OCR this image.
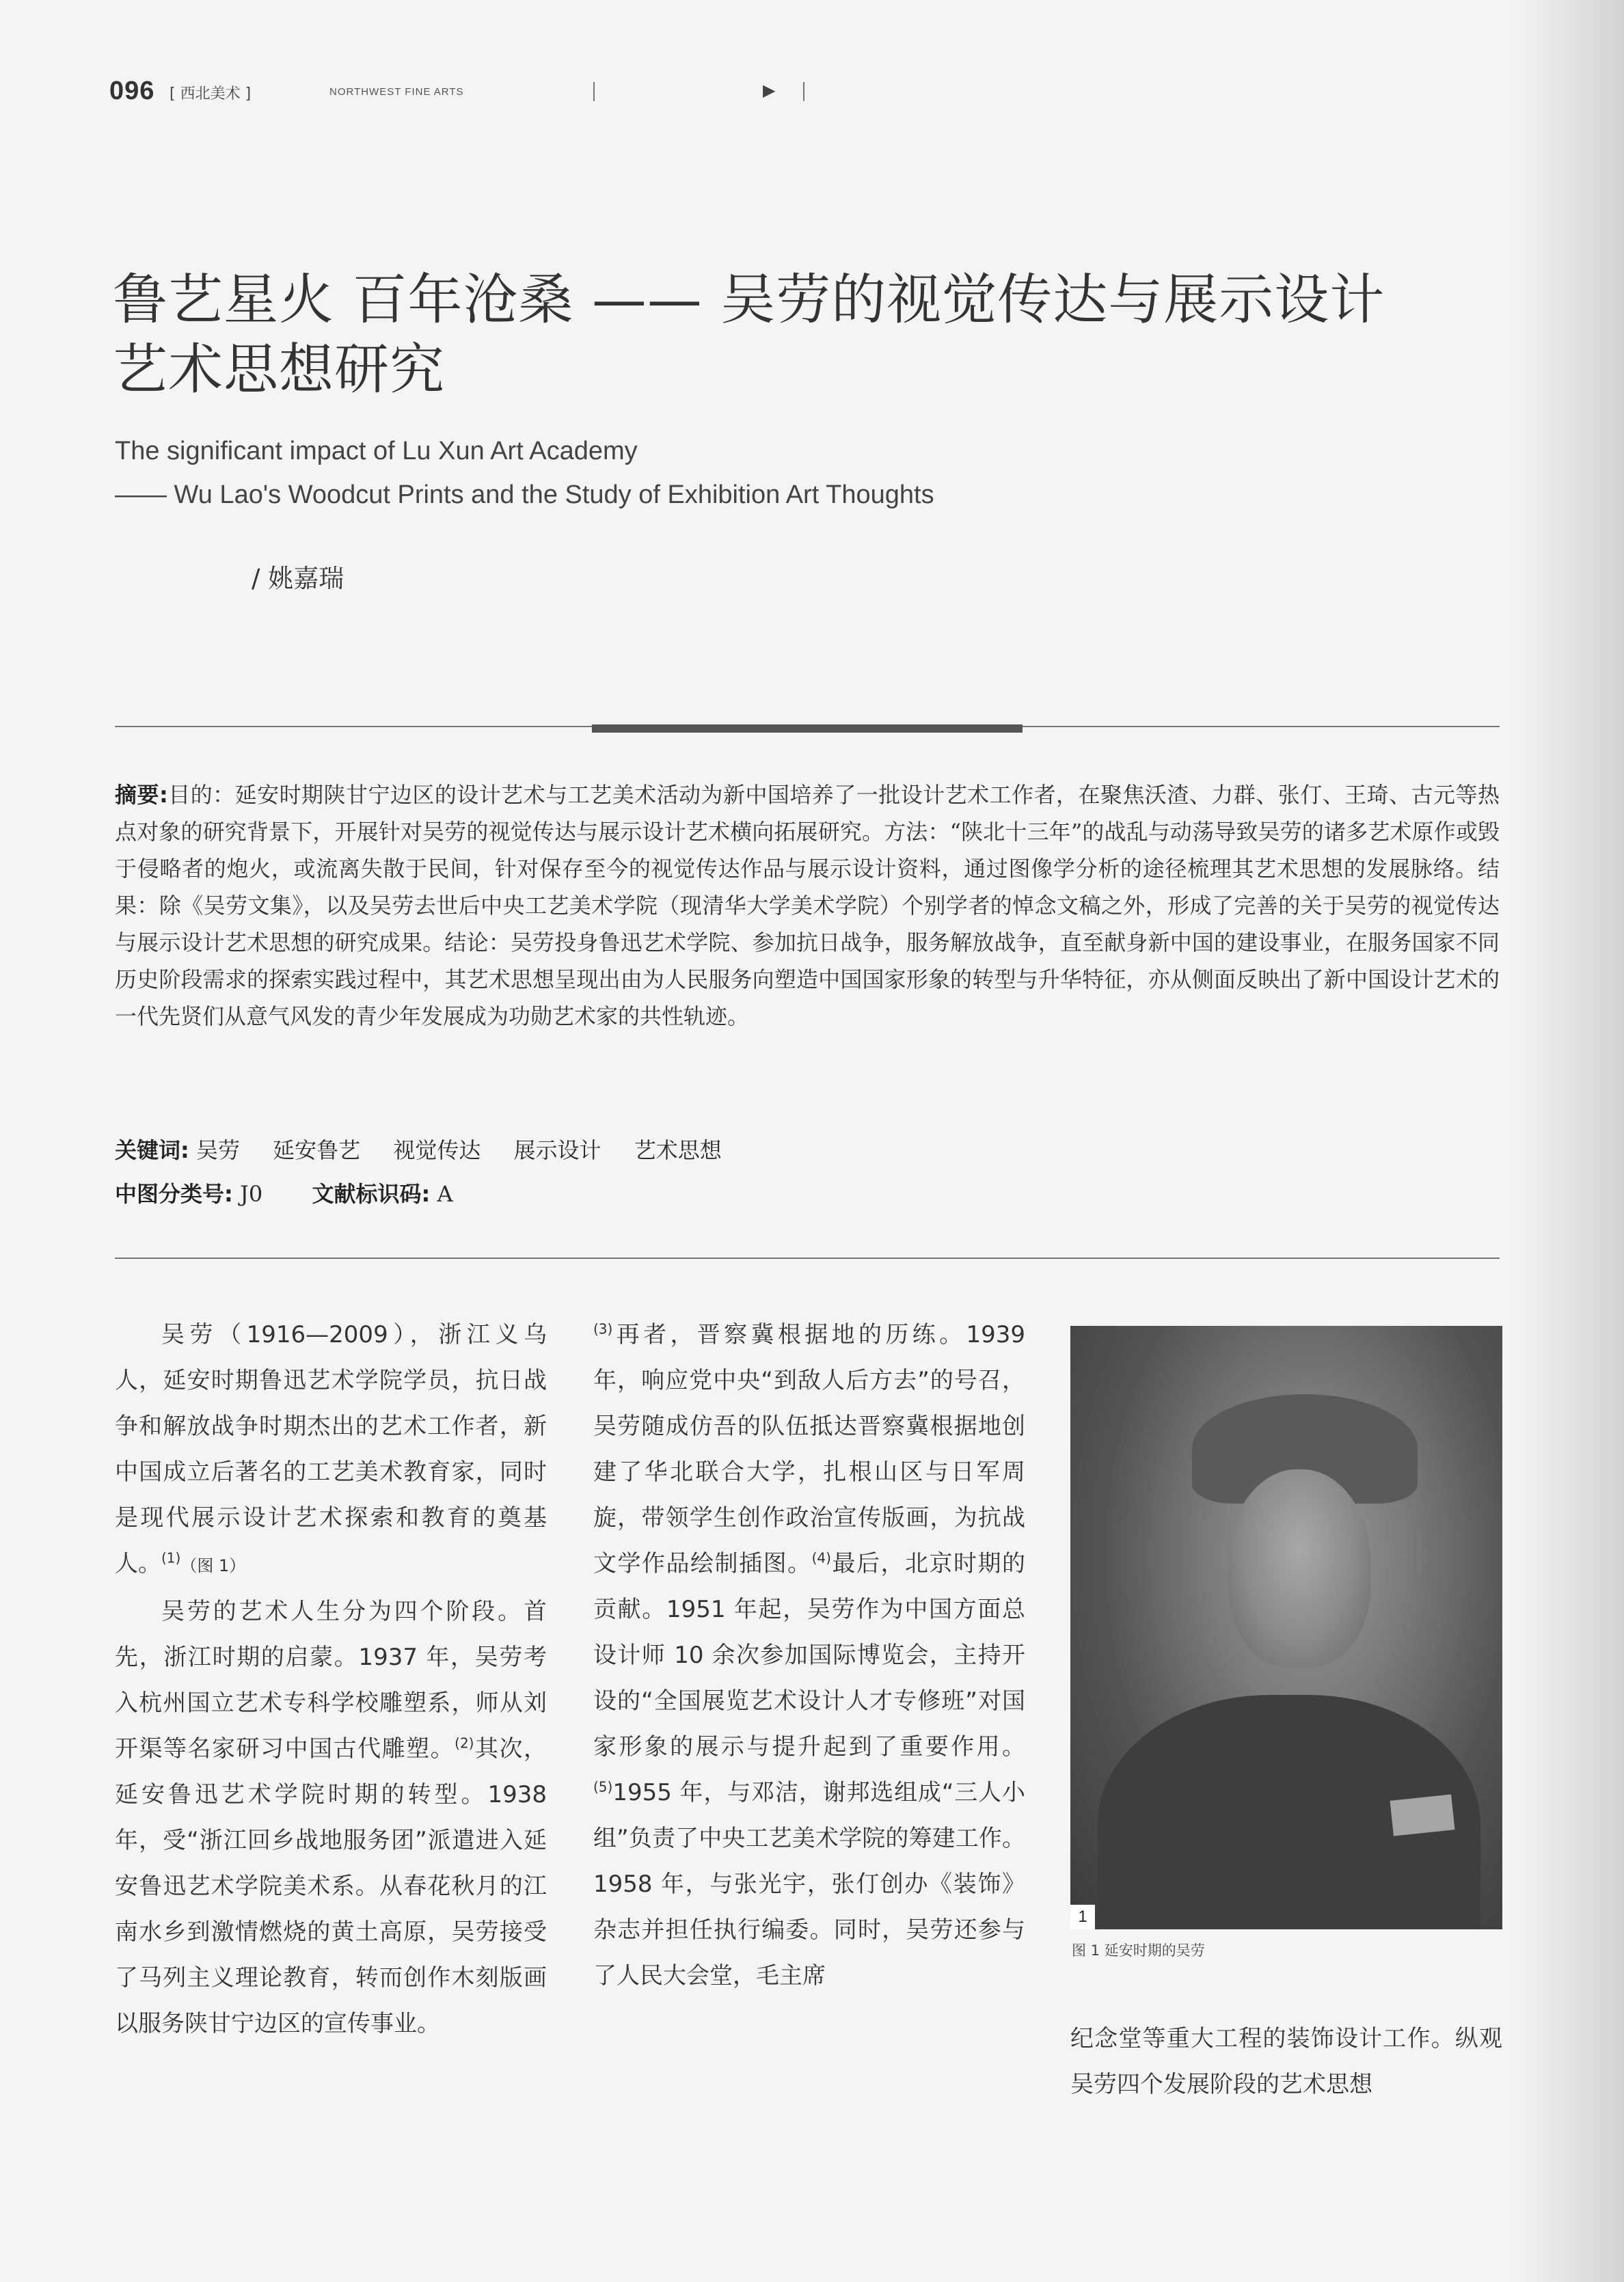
096 [ 西北美术 ]	NORTHWEST FINE ARTS	▶
鲁艺星火 百年沧桑 —— 吴劳的视觉传达与展示设计
艺术思想研究
The significant impact of Lu Xun Art Academy
—— Wu Lao's Woodcut Prints and the Study of Exhibition Art Thoughts
/ 姚嘉瑞
摘要:目的：延安时期陕甘宁边区的设计艺术与工艺美术活动为新中国培养了一批设计艺术工作者，在聚焦沃渣、力群、张仃、王琦、古元等热点对象的研究背景下，开展针对吴劳的视觉传达与展示设计艺术横向拓展研究。方法：“陕北十三年”的战乱与动荡导致吴劳的诸多艺术原作或毁于侵略者的炮火，或流离失散于民间，针对保存至今的视觉传达作品与展示设计资料，通过图像学分析的途径梳理其艺术思想的发展脉络。结果：除《吴劳文集》，以及吴劳去世后中央工艺美术学院（现清华大学美术学院）个别学者的悼念文稿之外，形成了完善的关于吴劳的视觉传达与展示设计艺术思想的研究成果。结论：吴劳投身鲁迅艺术学院、参加抗日战争，服务解放战争，直至献身新中国的建设事业，在服务国家不同历史阶段需求的探索实践过程中，其艺术思想呈现出由为人民服务向塑造中国国家形象的转型与升华特征，亦从侧面反映出了新中国设计艺术的一代先贤们从意气风发的青少年发展成为功勋艺术家的共性轨迹。
关键词: 吴劳 延安鲁艺 视觉传达 展示设计 艺术思想
中图分类号: J0 文献标识码: A

吴劳（1916—2009），浙江义乌人，延安时期鲁迅艺术学院学员，抗日战争和解放战争时期杰出的艺术工作者，新中国成立后著名的工艺美术教育家，同时是现代展示设计艺术探索和教育的奠基人。$^{(1)}$（图 1）

吴劳的艺术人生分为四个阶段。首先，浙江时期的启蒙。1937 年，吴劳考入杭州国立艺术专科学校雕塑系，师从刘开渠等名家研习中国古代雕塑。$^{(2)}$其次，延安鲁迅艺术学院时期的转型。1938 年，受“浙江回乡战地服务团”派遣进入延安鲁迅艺术学院美术系。从春花秋月的江南水乡到激情燃烧的黄土高原，吴劳接受了马列主义理论教育，转而创作木刻版画以服务陕甘宁边区的宣传事业。

$^{(3)}$再者，晋察冀根据地的历练。1939 年，响应党中央“到敌人后方去”的号召，吴劳随成仿吾的队伍抵达晋察冀根据地创建了华北联合大学，扎根山区与日军周旋，带领学生创作政治宣传版画，为抗战文学作品绘制插图。$^{(4)}$最后，北京时期的贡献。1951 年起，吴劳作为中国方面总设计师 10 余次参加国际博览会，主持开设的“全国展览艺术设计人才专修班”对国家形象的展示与提升起到了重要作用。$^{(5)}$1955 年，与邓洁，谢邦选组成“三人小组”负责了中央工艺美术学院的筹建工作。1958 年，与张光宇，张仃创办《装饰》杂志并担任执行编委。同时，吴劳还参与了人民大会堂，毛主席

1
图 1 延安时期的吴劳

纪念堂等重大工程的装饰设计工作。纵观吴劳四个发展阶段的艺术思想
